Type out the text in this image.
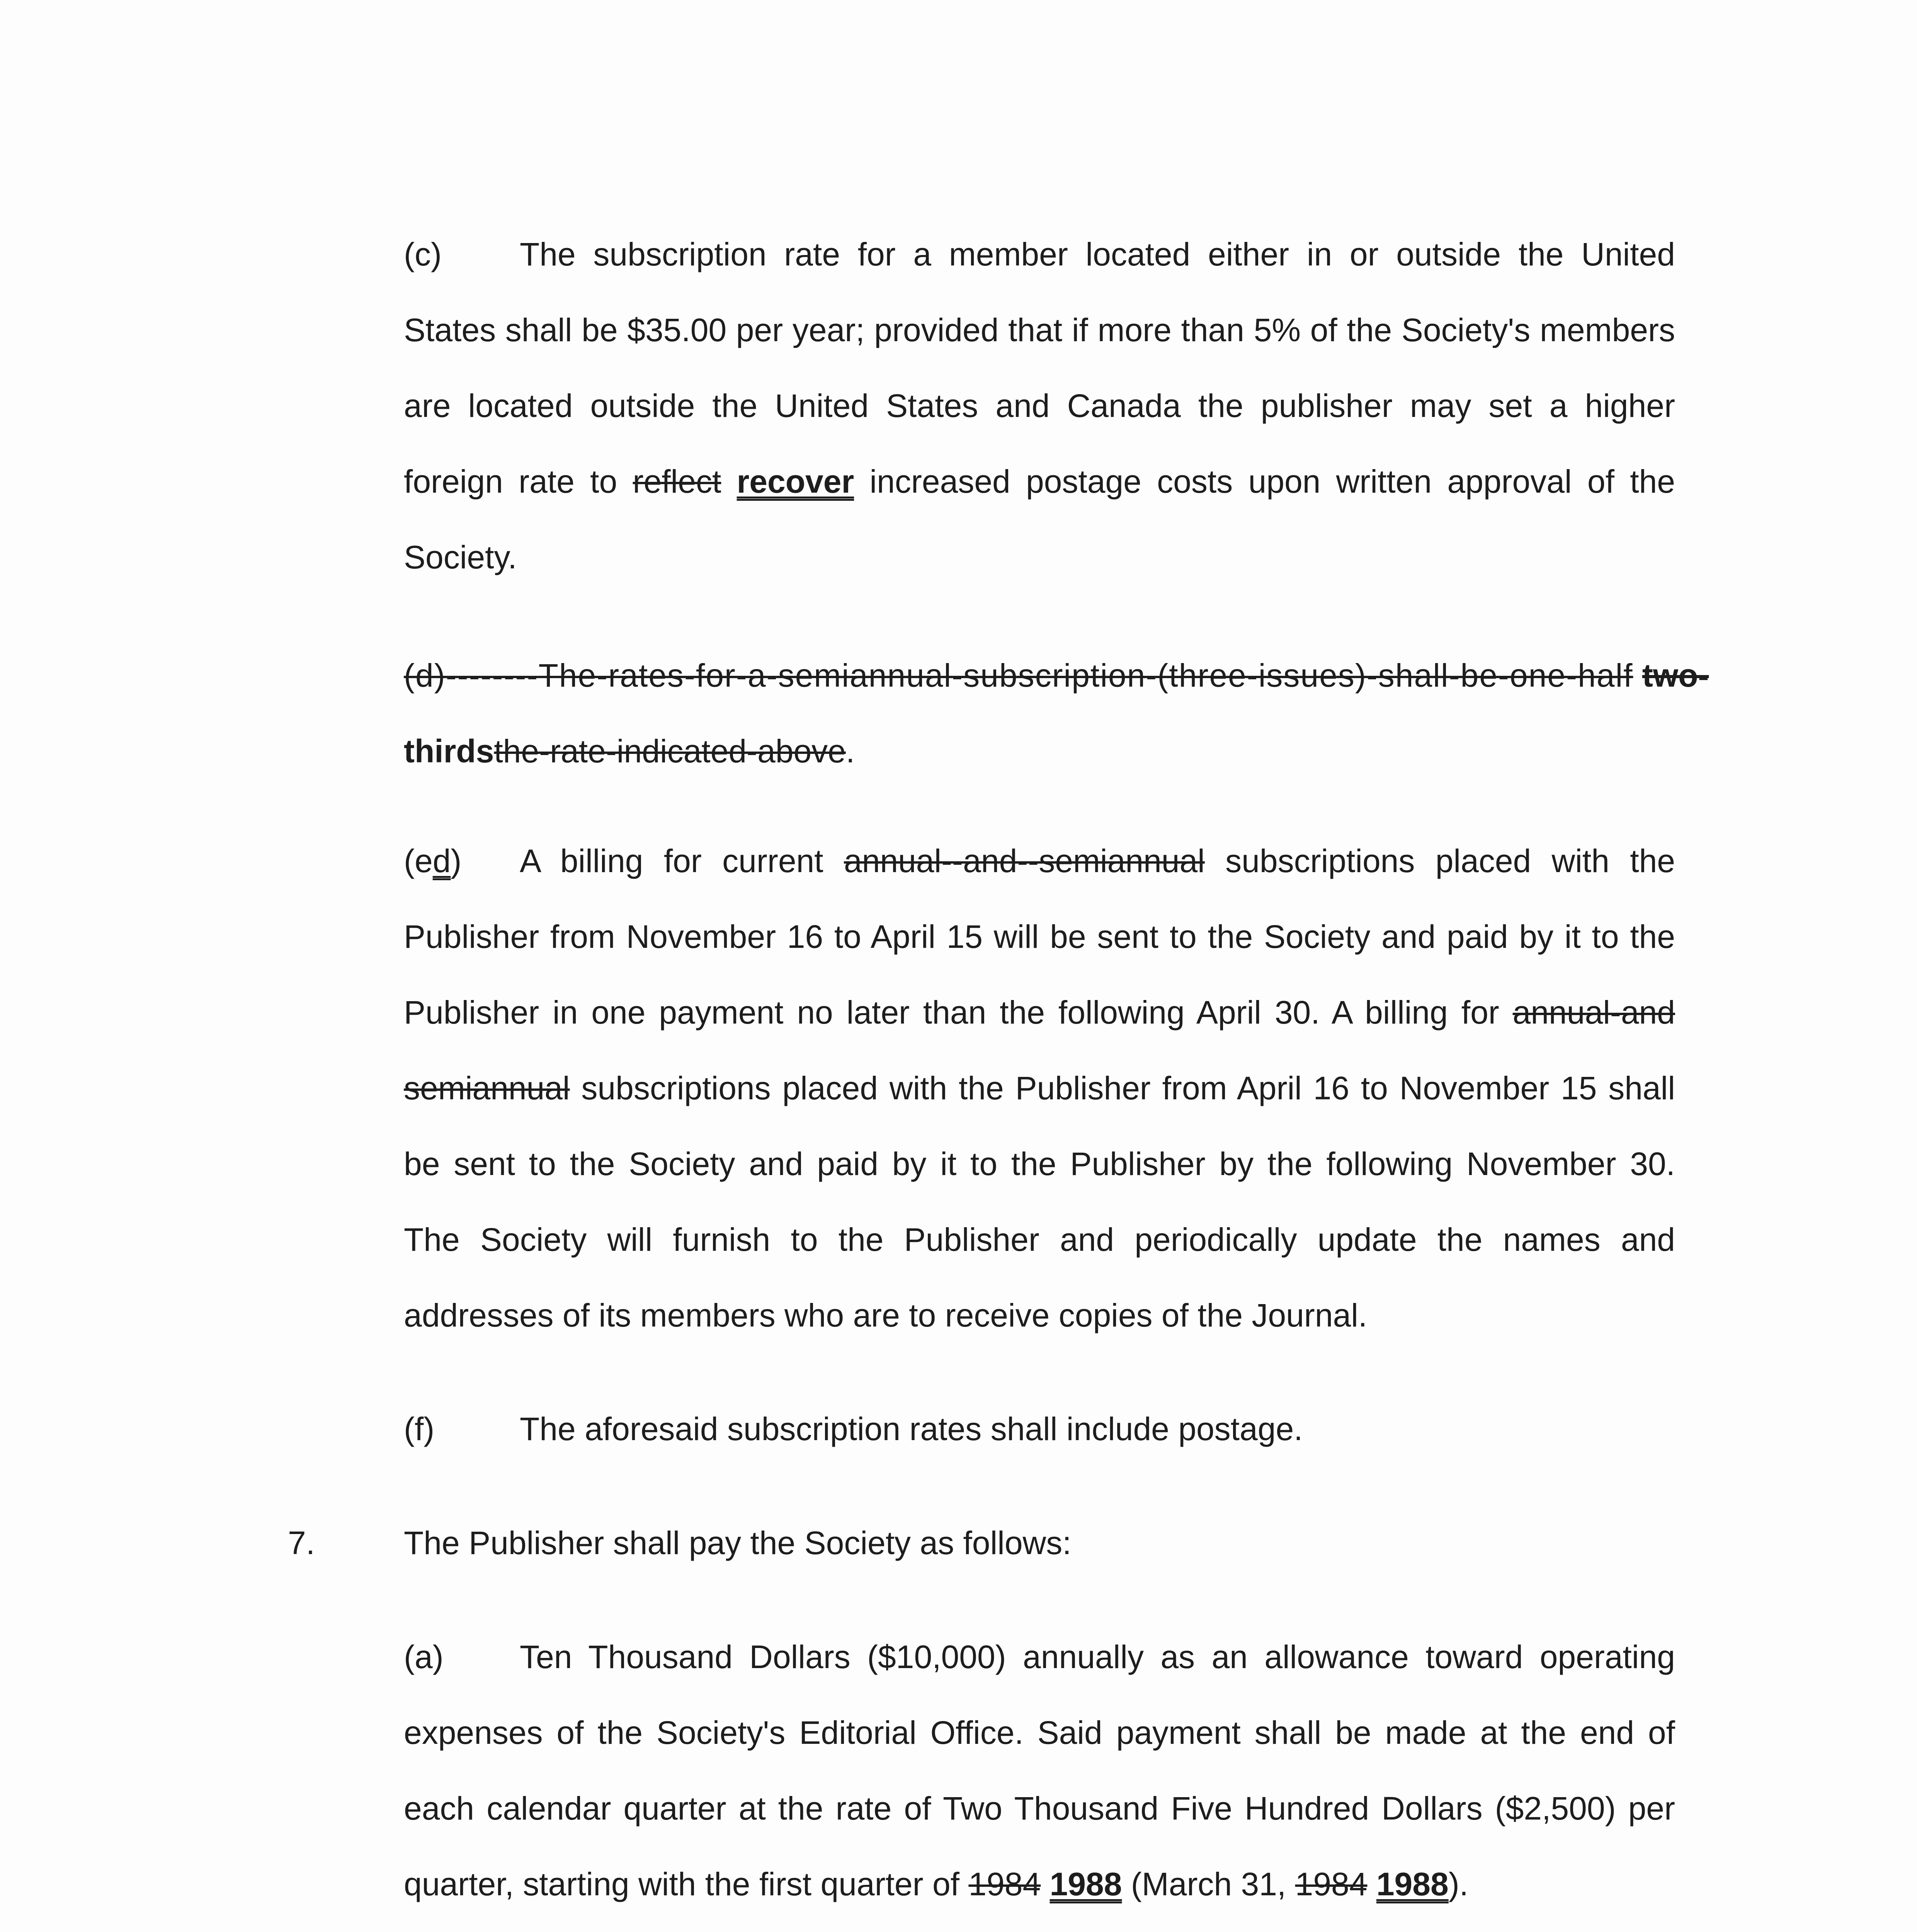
(c) The subscription rate for a member located either in or outside the United
States shall be $35.00 per year; provided that if more than 5% of the Society's members
are located outside the United States and Canada the publisher may set a higher
foreign rate to reflect recover increased postage costs upon written approval of the
Society.
(d)--------The-rates-for-a-semiannual-subscription-(three-issues)-shall-be-one-half two-
thirdsthe-rate-indicated-above.
(ed) A billing for current annual--and--semiannual subscriptions placed with the
Publisher from November 16 to April 15 will be sent to the Society and paid by it to the
Publisher in one payment no later than the following April 30. A billing for annual-and
semiannual subscriptions placed with the Publisher from April 16 to November 15 shall
be sent to the Society and paid by it to the Publisher by the following November 30.
The Society will furnish to the Publisher and periodically update the names and
addresses of its members who are to receive copies of the Journal.
(f)	The aforesaid subscription rates shall include postage.
7.	The Publisher shall pay the Society as follows:
(a) Ten Thousand Dollars ($10,000) annually as an allowance toward operating
expenses of the Society's Editorial Office. Said payment shall be made at the end of
each calendar quarter at the rate of Two Thousand Five Hundred Dollars ($2,500) per
quarter, starting with the first quarter of 1984 1988 (March 31, 1984 1988).
